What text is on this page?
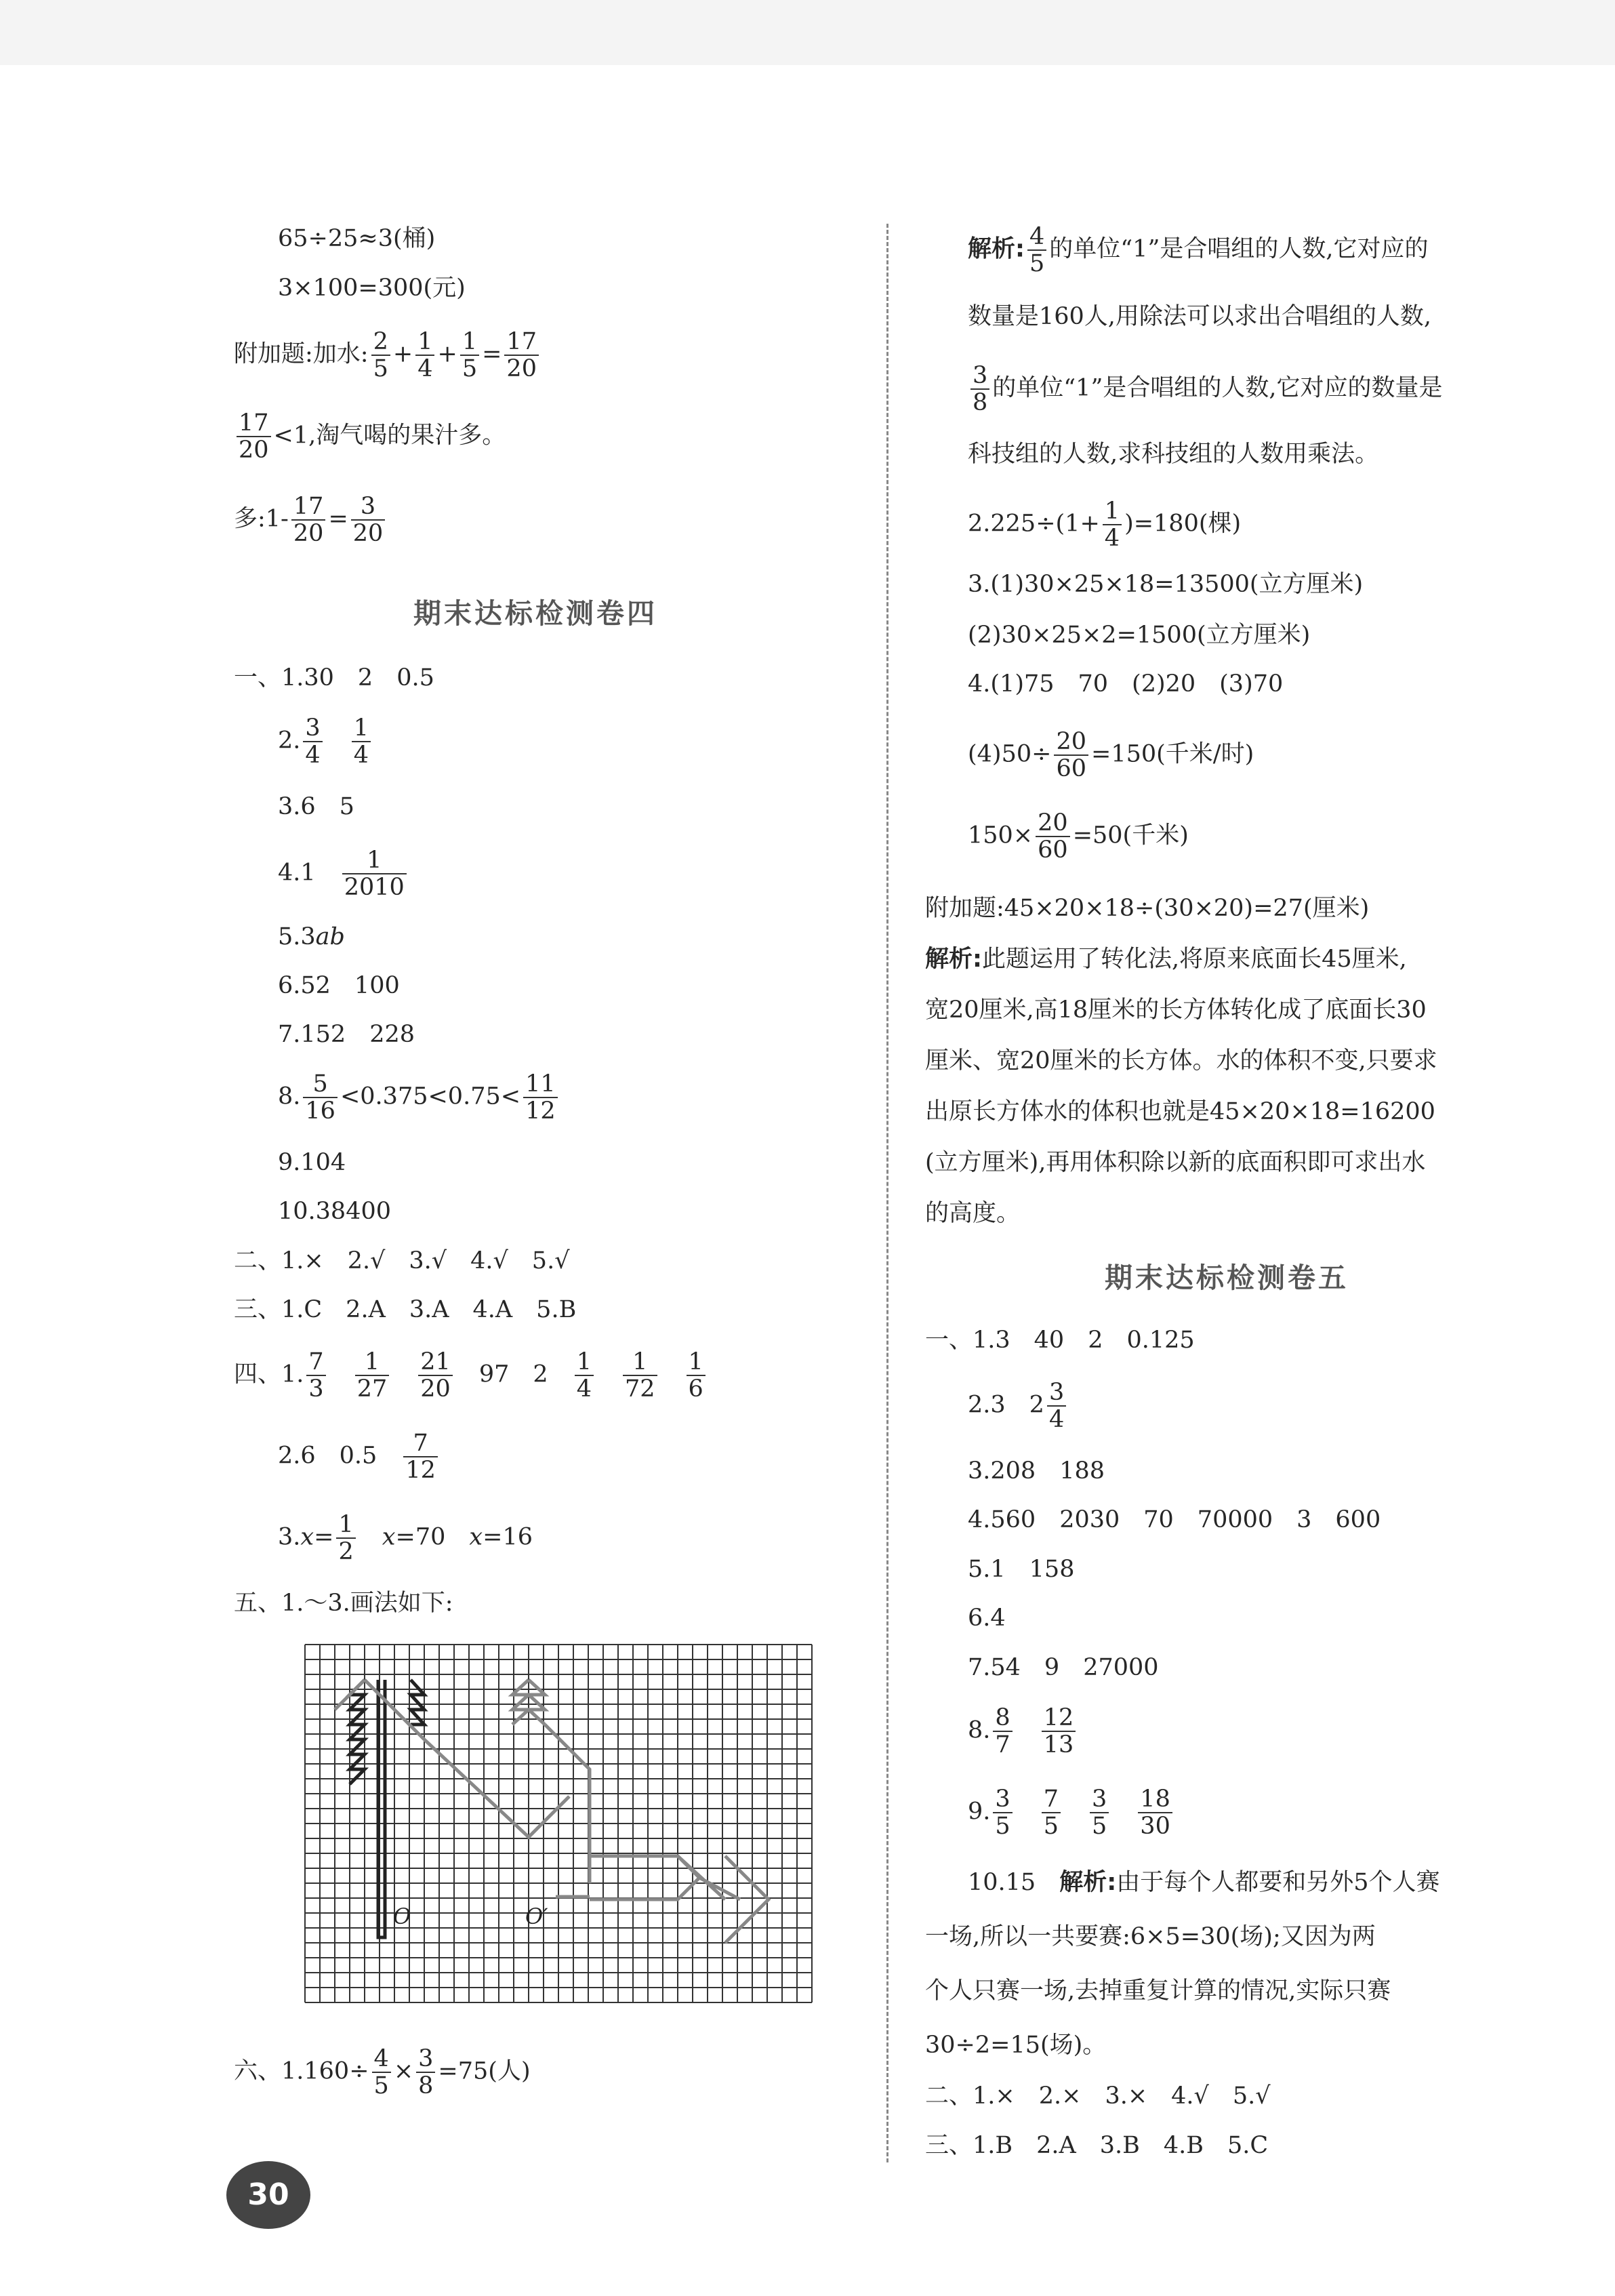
65÷25≈3(桶)
3×100=300(元)
附加题:加水: $\frac{2}{5} + \frac{1}{4} + \frac{1}{5} = \frac{17}{20}$
$\frac{17}{20} <1$,淘气喝的果汁多。
多:1- $\frac{17}{20} = \frac{3}{20}$
期末达标检测卷四
一、1.30　2　0.5
2. $\frac{3}{4}$
　 $\frac{1}{4}$
3.6　5
4.1　 $\frac{1}{2010}$
5.3ab
6.52　100
7.152　228
8. $\frac{5}{16} <0.375<0.75< \frac{11}{12}$
9.104
10.38400
二、1.×　2.√　3.√　4.√　5.√
三、1.C　2.A　3.A　4.A　5.B
四、1. $\frac{7}{3}$
　 $\frac{1}{27}$
　 $\frac{21}{20}$
　 97　 2　 $\frac{1}{4}$
　 $\frac{1}{72}$
　 $\frac{1}{6}$
2.6　0.5　 $\frac{7}{12}$
$3.x= \frac{1}{2}$
　 x=70　 x=16
五、1.～3.画法如下:
O	O′
六、$1.160\div \frac{4}{5} \times \frac{3}{8} =75$(人)
解析: $\frac{4}{5}$ 的单位“1”是合唱组的人数,它对应的
数量是160人,用除法可以求出合唱组的人数,
$\frac{3}{8}$ 的单位“1”是合唱组的人数,它对应的数量是
科技组的人数,求科技组的人数用乘法。
$2.225\div(1+ \frac{1}{4} )=180$(棵)
3.(1)30×25×18=13500(立方厘米)
(2)30×25×2=1500(立方厘米)
4.(1)75　70　(2)20　(3)70
$(4)50\div \frac{20}{60} =150$(千米/时)
$150\times \frac{20}{60} =50$(千米)
附加题:45×20×18÷(30×20)=27(厘米)
解析:此题运用了转化法,将原来底面长45厘米,
宽20厘米,高18厘米的长方体转化成了底面长30
厘米、宽20厘米的长方体。水的体积不变,只要求
出原长方体水的体积也就是45×20×18=16200
(立方厘米),再用体积除以新的底面积即可求出水
的高度。
期末达标检测卷五
一、1.3　40　2　0.125
2.3　$2 \frac{3}{4}$
3.208　188
4.560　2030　70　70000　3　600
5.1　158
6.4
7.54　9　27000
8. $\frac{8}{7}$
　 $\frac{12}{13}$
9. $\frac{3}{5}$
　 $\frac{7}{5}$
　 $\frac{3}{5}$
　 $\frac{18}{30}$
10.15　 解析:由于每个人都要和另外5个人赛
一场,所以一共要赛:6×5=30(场);又因为两
个人只赛一场,去掉重复计算的情况,实际只赛
30÷2=15(场)。
二、1.×　2.×　3.×　4.√　5.√
三、1.B　2.A　3.B　4.B　5.C
30
